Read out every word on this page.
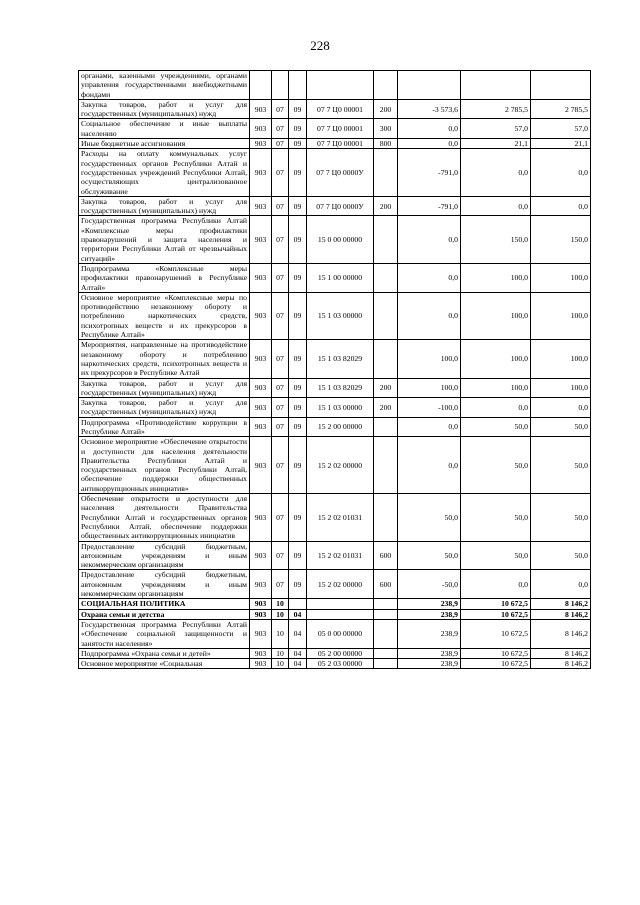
228
органами, казенными учреждениями, органами управления государственными внебюджетными фондами								
Закупка товаров, работ и услуг для государственных (муниципальных) нужд	903	07	09	07 7 Ц0 00001	200	-3 573,6	2 785,5	2 785,5
Социальное обеспечение и иные выплаты населению	903	07	09	07 7 Ц0 00001	300	0,0	57,0	57,0
Иные бюджетные ассигнования	903	07	09	07 7 Ц0 00001	800	0,0	21,1	21,1
Расходы на оплату коммунальных услуг государственных органов Республики Алтай и государственных учреждений Республики Алтай, осуществляющих централизованное обслуживание	903	07	09	07 7 Ц0 0000У		-791,0	0,0	0,0
Закупка товаров, работ и услуг для государственных (муниципальных) нужд	903	07	09	07 7 Ц0 0000У	200	-791,0	0,0	0,0
Государственная программа Республики Алтай «Комплексные меры профилактики правонарушений и защита населения и территории Республики Алтай от чрезвычайных ситуаций»	903	07	09	15 0 00 00000		0,0	150,0	150,0
Подпрограмма «Комплексные меры профилактики правонарушений в Республике Алтай»	903	07	09	15 1 00 00000		0,0	100,0	100,0
Основное мероприятие «Комплексные меры по противодействию незаконному обороту и потреблению наркотических средств, психотропных веществ и их прекурсоров в Республике Алтай»	903	07	09	15 1 03 00000		0,0	100,0	100,0
Мероприятия, направленные на противодействие незаконному обороту и потреблению наркотических средств, психотропных веществ и их прекурсоров в Республике Алтай	903	07	09	15 1 03 82029		100,0	100,0	100,0
Закупка товаров, работ и услуг для государственных (муниципальных) нужд	903	07	09	15 1 03 82029	200	100,0	100,0	100,0
Закупка товаров, работ и услуг для государственных (муниципальных) нужд	903	07	09	15 1 03 00000	200	-100,0	0,0	0,0
Подпрограмма «Противодействие коррупции в Республике Алтай»	903	07	09	15 2 00 00000		0,0	50,0	50,0
Основное мероприятие «Обеспечение открытости и доступности для населения деятельности Правительства Республики Алтай и государственных органов Республики Алтай, обеспечение поддержки общественных антикоррупционных инициатив»	903	07	09	15 2 02 00000		0,0	50,0	50,0
Обеспечение открытости и доступности для населения деятельности Правительства Республики Алтай и государственных органов Республики Алтай, обеспечение поддержки общественных антикоррупционных инициатив	903	07	09	15 2 02 01031		50,0	50,0	50,0
Предоставление субсидий бюджетным, автономным учреждениям и иным некоммерческим организациям	903	07	09	15 2 02 01031	600	50,0	50,0	50,0
Предоставление субсидий бюджетным, автономным учреждениям и иным некоммерческим организациям	903	07	09	15 2 02 00000	600	-50,0	0,0	0,0
СОЦИАЛЬНАЯ ПОЛИТИКА	903	10				238,9	10 672,5	8 146,2
Охрана семьи и детства	903	10	04			238,9	10 672,5	8 146,2
Государственная программа Республики Алтай «Обеспечение социальной защищенности и занятости населения»	903	10	04	05 0 00 00000		238,9	10 672,5	8 146,2
Подпрограмма «Охрана семьи и детей»	903	10	04	05 2 00 00000		238,9	10 672,5	8 146,2
Основное мероприятие «Социальная	903	10	04	05 2 03 00000		238,9	10 672,5	8 146,2
